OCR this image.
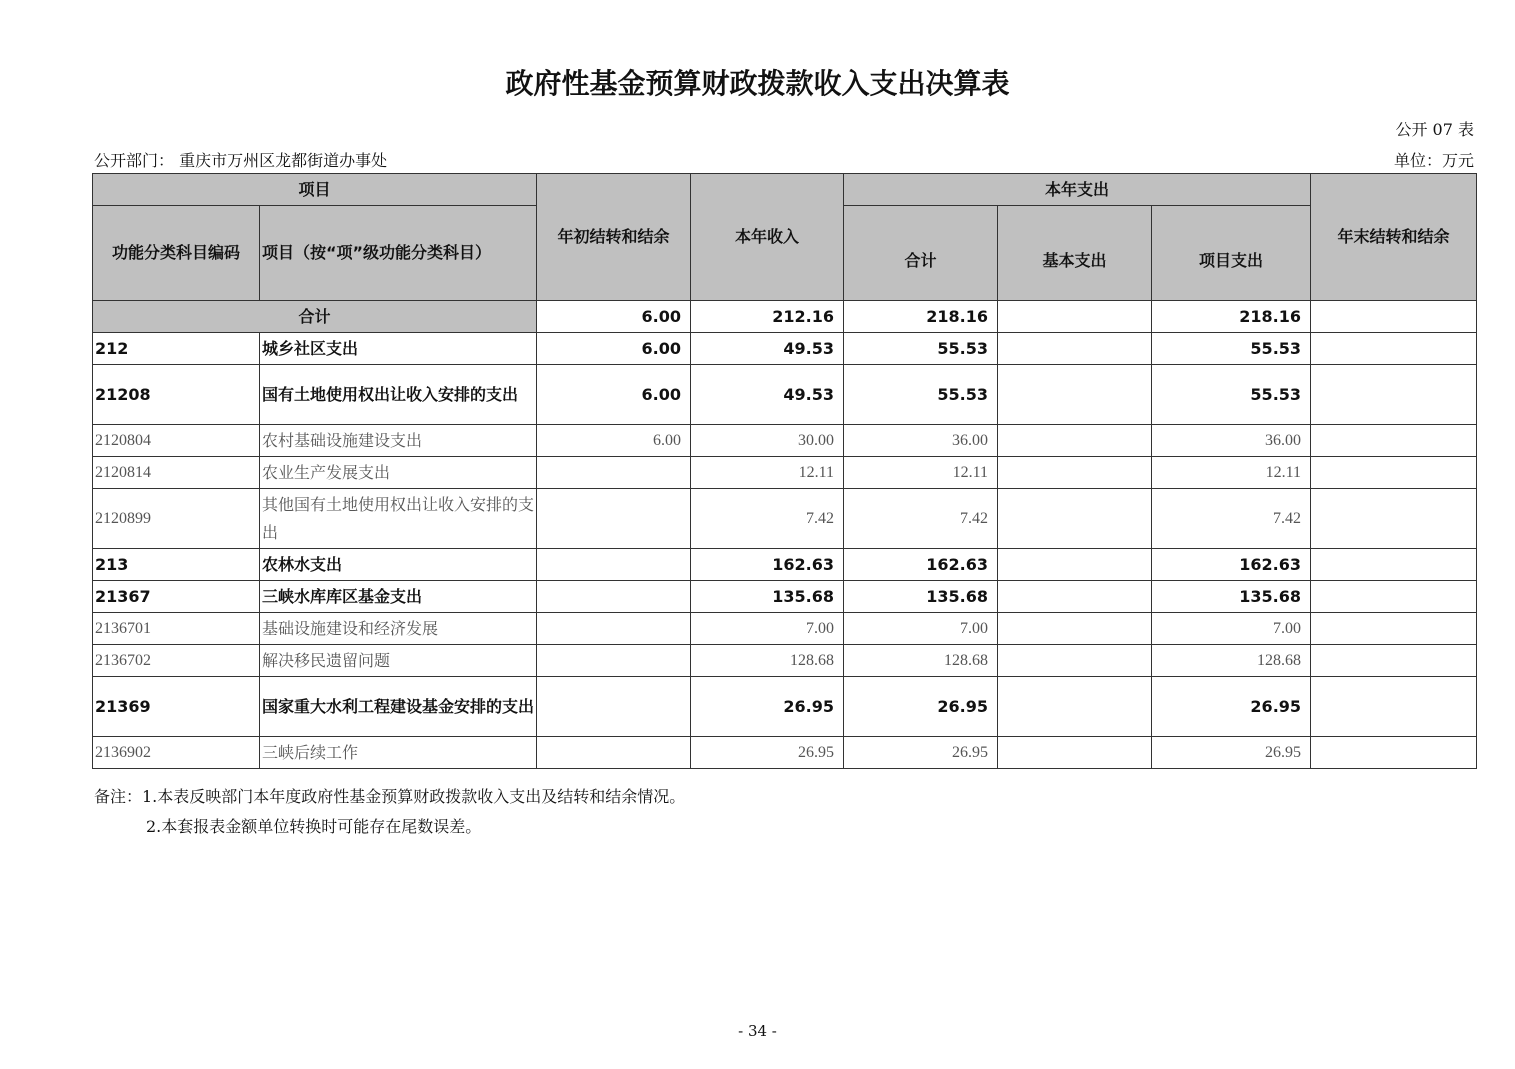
政府性基金预算财政拨款收入支出决算表
公开 07 表
公开部门： 重庆市万州区龙都街道办事处	单位：万元
项目		年初结转和结余	本年收入	本年支出			年末结转和结余
功能分类科目编码	项目（按“项”级功能分类科目）			合计	基本支出	项目支出	
合计		6.00	212.16	218.16		218.16	
212	城乡社区支出	6.00	49.53	55.53		55.53	
21208	国有土地使用权出让收入安排的支出	6.00	49.53	55.53		55.53	
2120804	农村基础设施建设支出	6.00	30.00	36.00		36.00	
2120814	农业生产发展支出		12.11	12.11		12.11	
2120899	其他国有土地使用权出让收入安排的支出		7.42	7.42		7.42	
213	农林水支出		162.63	162.63		162.63	
21367	三峡水库库区基金支出		135.68	135.68		135.68	
2136701	基础设施建设和经济发展		7.00	7.00		7.00	
2136702	解决移民遗留问题		128.68	128.68		128.68	
21369	国家重大水利工程建设基金安排的支出		26.95	26.95		26.95	
2136902	三峡后续工作		26.95	26.95		26.95	
备注：1.本表反映部门本年度政府性基金预算财政拨款收入支出及结转和结余情况。
2.本套报表金额单位转换时可能存在尾数误差。
- 34 -
